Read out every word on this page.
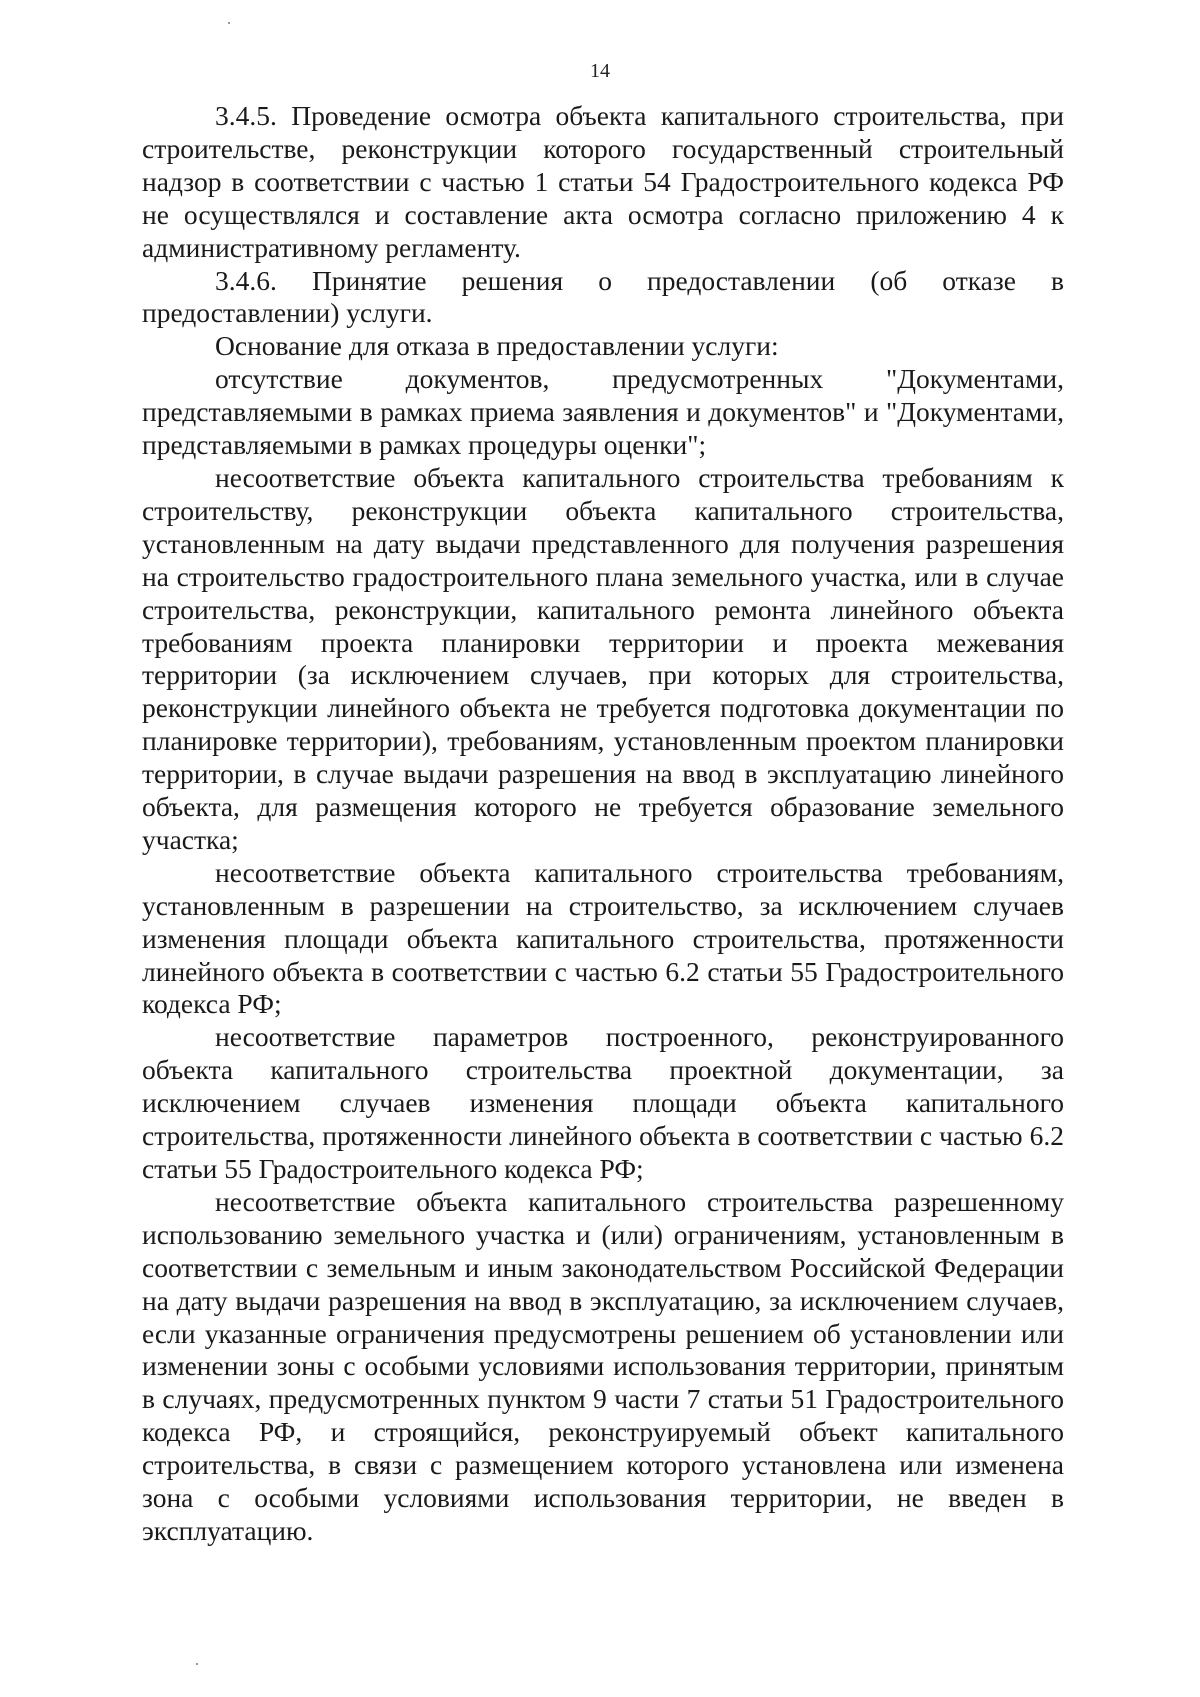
14

3.4.5. Проведение осмотра объекта капитального строительства, при строительстве, реконструкции которого государственный строительный надзор в соответствии с частью 1 статьи 54 Градостроительного кодекса РФ не осуществлялся и составление акта осмотра согласно приложению 4 к административному регламенту.

3.4.6. Принятие решения о предоставлении (об отказе в предоставлении) услуги.

Основание для отказа в предоставлении услуги:

отсутствие документов, предусмотренных "Документами, представляемыми в рамках приема заявления и документов" и "Документами, представляемыми в рамках процедуры оценки";

несоответствие объекта капитального строительства требованиям к строительству, реконструкции объекта капитального строительства, установленным на дату выдачи представленного для получения разрешения на строительство градостроительного плана земельного участка, или в случае строительства, реконструкции, капитального ремонта линейного объекта требованиям проекта планировки территории и проекта межевания территории (за исключением случаев, при которых для строительства, реконструкции линейного объекта не требуется подготовка документации по планировке территории), требованиям, установленным проектом планировки территории, в случае выдачи разрешения на ввод в эксплуатацию линейного объекта, для размещения которого не требуется образование земельного участка;

несоответствие объекта капитального строительства требованиям, установленным в разрешении на строительство, за исключением случаев изменения площади объекта капитального строительства, протяженности линейного объекта в соответствии с частью 6.2 статьи 55 Градостроительного кодекса РФ;

несоответствие параметров построенного, реконструированного объекта капитального строительства проектной документации, за исключением случаев изменения площади объекта капитального строительства, протяженности линейного объекта в соответствии с частью 6.2 статьи 55 Градостроительного кодекса РФ;

несоответствие объекта капитального строительства разрешенному использованию земельного участка и (или) ограничениям, установленным в соответствии с земельным и иным законодательством Российской Федерации на дату выдачи разрешения на ввод в эксплуатацию, за исключением случаев, если указанные ограничения предусмотрены решением об установлении или изменении зоны с особыми условиями использования территории, принятым в случаях, предусмотренных пунктом 9 части 7 статьи 51 Градостроительного кодекса РФ, и строящийся, реконструируемый объект капитального строительства, в связи с размещением которого установлена или изменена зона с особыми условиями использования территории, не введен в эксплуатацию.
